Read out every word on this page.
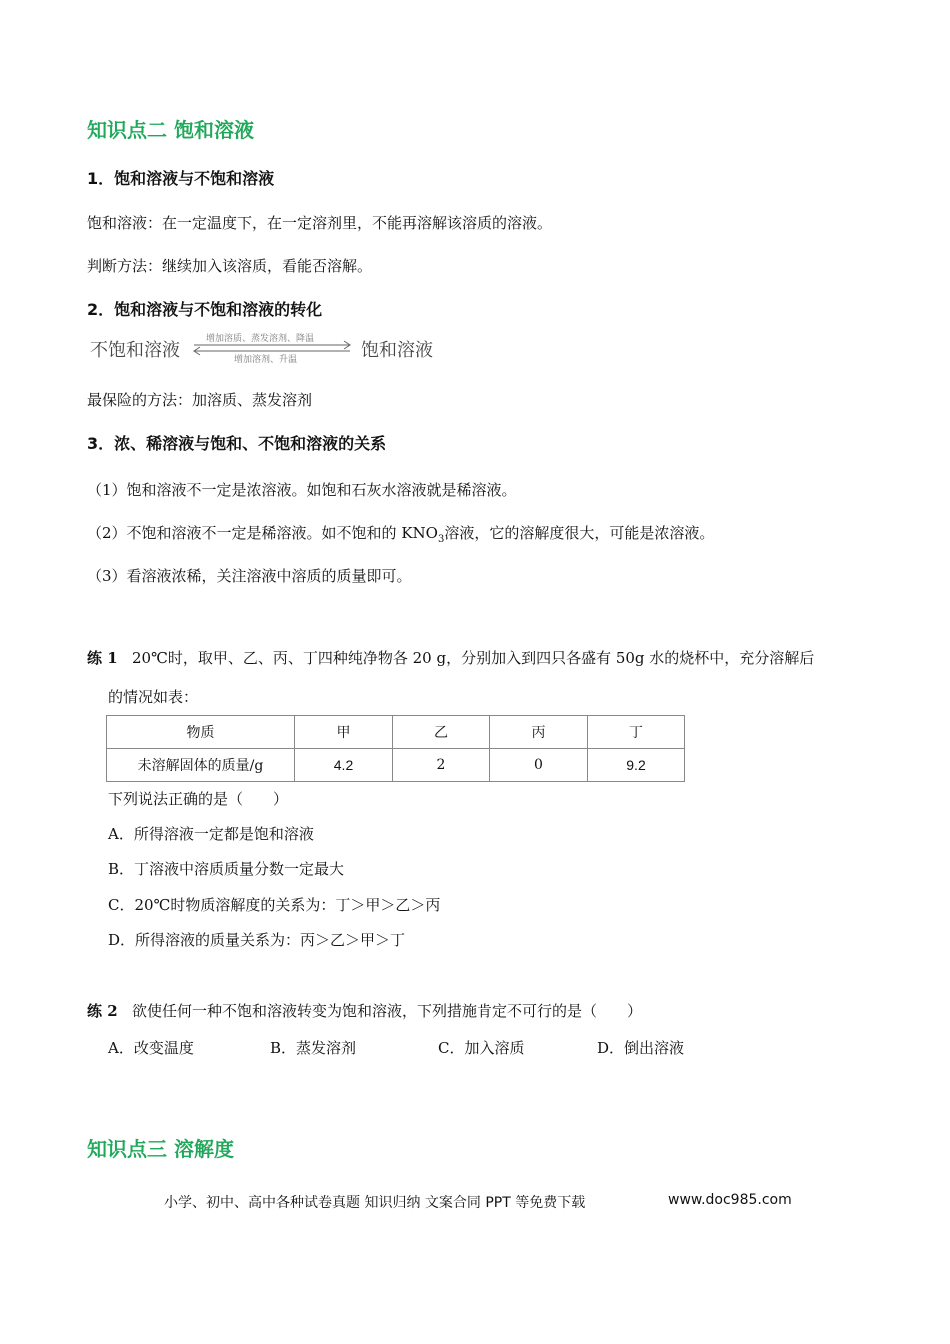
知识点二 饱和溶液
1．饱和溶液与不饱和溶液
饱和溶液：在一定温度下，在一定溶剂里，不能再溶解该溶质的溶液。
判断方法：继续加入该溶质，看能否溶解。
2．饱和溶液与不饱和溶液的转化
不饱和溶液
增加溶质、蒸发溶剂、降温
增加溶剂、升温	饱和溶液
最保险的方法：加溶质、蒸发溶剂
3．浓、稀溶液与饱和、不饱和溶液的关系
（1）饱和溶液不一定是浓溶液。如饱和石灰水溶液就是稀溶液。
（2）不饱和溶液不一定是稀溶液。如不饱和的 $KNO_3$溶液，它的溶解度很大，可能是浓溶液。
（3）看溶液浓稀，关注溶液中溶质的质量即可。
练 1 20℃时，取甲、乙、丙、丁四种纯净物各 20 g，分别加入到四只各盛有 50g 水的烧杯中，充分溶解后
的情况如表：
物质	甲	乙	丙	丁
未溶解固体的质量/g	4.2	2	0	9.2
下列说法正确的是（　　）
A．所得溶液一定都是饱和溶液
B．丁溶液中溶质质量分数一定最大
C．20℃时物质溶解度的关系为：丁＞甲＞乙＞丙
D．所得溶液的质量关系为：丙＞乙＞甲＞丁
练 2 欲使任何一种不饱和溶液转变为饱和溶液，下列措施肯定不可行的是（　　）
A．改变温度	B．蒸发溶剂	C．加入溶质	D．倒出溶液
知识点三 溶解度
小学、初中、高中各种试卷真题 知识归纳 文案合同 PPT 等免费下载	www.doc985.com
